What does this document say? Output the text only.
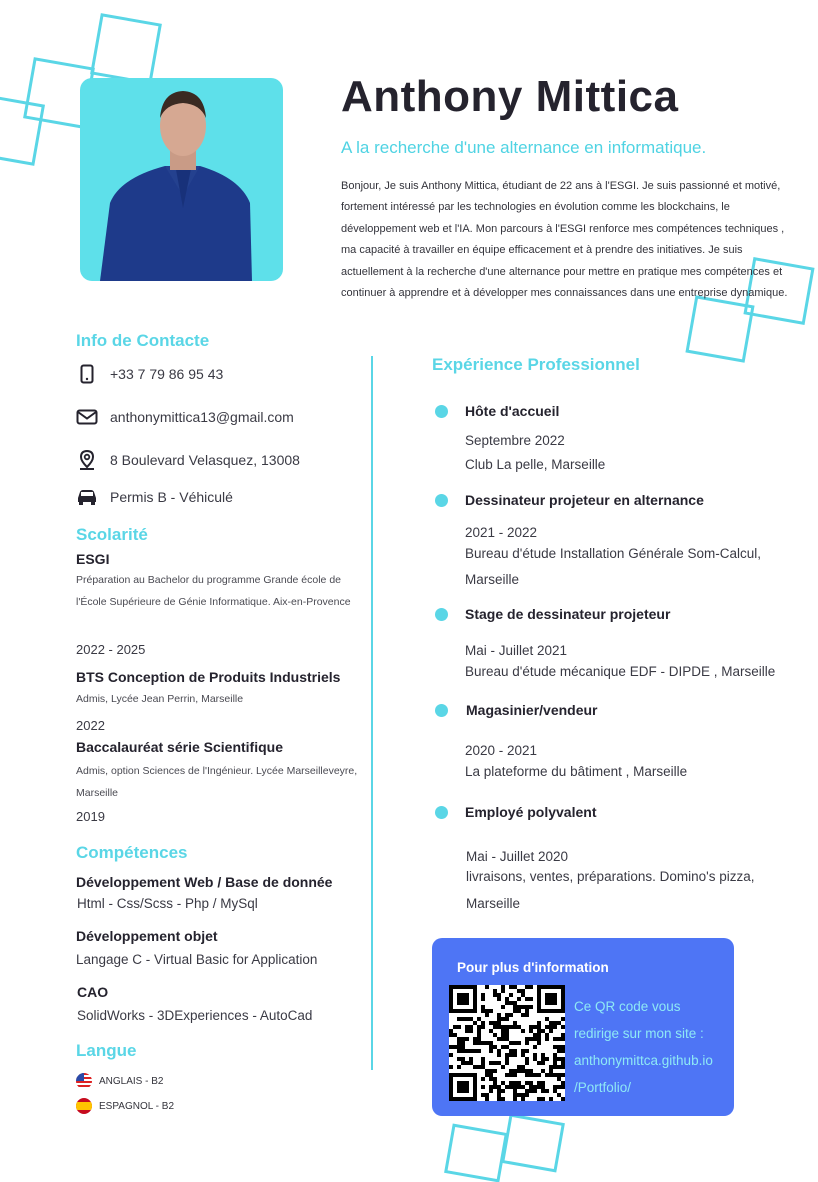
Anthony Mittica
A la recherche d'une alternance en informatique.
Bonjour, Je suis Anthony Mittica, étudiant de 22 ans à l'ESGI. Je suis passionné et motivé, fortement intéressé par les technologies en évolution comme les blockchains, le développement web et l'IA. Mon parcours à l'ESGI renforce mes compétences techniques , ma capacité à travailler en équipe efficacement et à prendre des initiatives. Je suis actuellement à la recherche d'une alternance pour mettre en pratique mes compétences et continuer à apprendre et à développer mes connaissances dans une entreprise dynamique.
Info de Contacte
+33 7 79 86 95 43
anthonymittica13@gmail.com
8 Boulevard Velasquez, 13008
Permis B - Véhiculé
Scolarité
ESGI
Préparation au Bachelor du programme Grande école de l'École Supérieure de Génie Informatique. Aix-en-Provence
2022 - 2025
BTS Conception de Produits Industriels
Admis, Lycée Jean Perrin, Marseille
2022
Baccalauréat série Scientifique
Admis, option Sciences de l'Ingénieur. Lycée Marseilleveyre, Marseille
2019
Compétences
Développement Web / Base de donnée
Html - Css/Scss - Php / MySql
Développement objet
Langage C - Virtual Basic for Application
CAO
SolidWorks - 3DExperiences - AutoCad
Langue
ANGLAIS - B2
ESPAGNOL - B2
Expérience Professionnel
Hôte d'accueil
Septembre 2022
Club La pelle, Marseille
Dessinateur projeteur en alternance
2021 - 2022
Bureau d'étude Installation Générale Som-Calcul,
Marseille
Stage de dessinateur projeteur
Mai - Juillet 2021
Bureau d'étude mécanique EDF - DIPDE , Marseille
Magasinier/vendeur
2020 - 2021
La plateforme du bâtiment , Marseille
Employé polyvalent
Mai - Juillet 2020
livraisons, ventes, préparations. Domino's pizza,
Marseille
Pour plus d'information
Ce QR code vous
redirige sur mon site :
anthonymittca.github.io
/Portfolio/
